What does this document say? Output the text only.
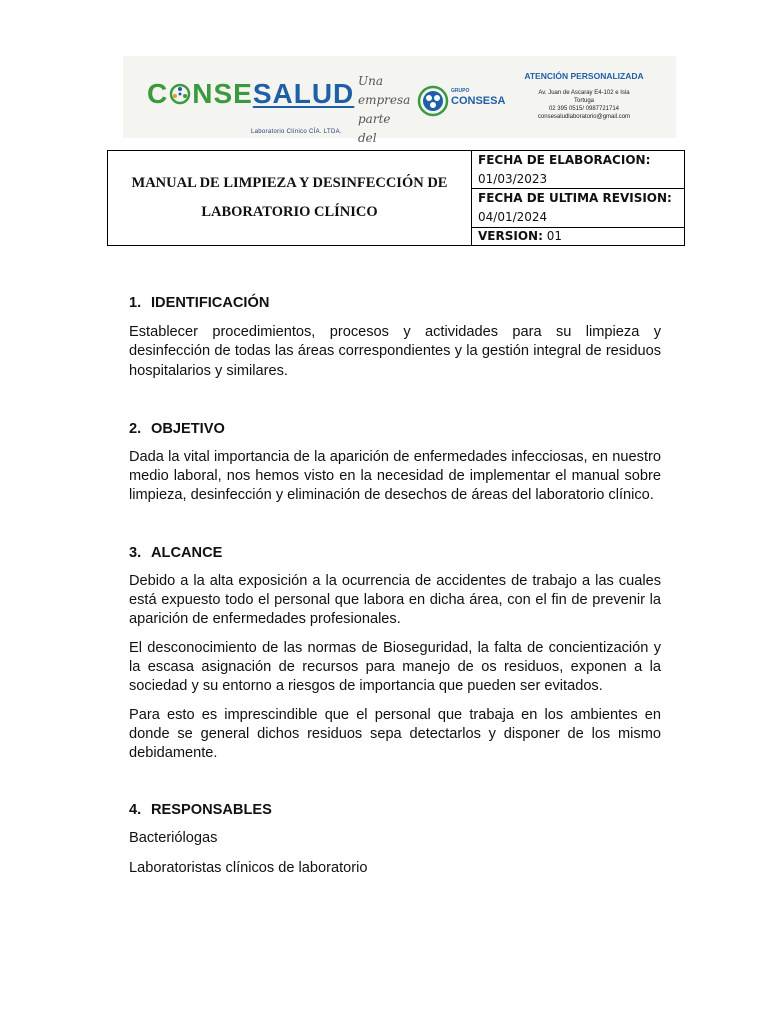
C NSESALUD
Laboratorio Clínico CÍA. LTDA.
Una
empresa
parte del
GRUPO
CONSESA
ATENCIÓN PERSONALIZADA
Av. Juan de Ascaray E4-102 e Isla
Tortuga
02 395 0515/ 0987721714
consesaludlaboratorio@gmail.com
MANUAL DE LIMPIEZA Y DESINFECCIÓN DE
LABORATORIO CLÍNICO
FECHA DE ELABORACION:
01/03/2023
FECHA DE ULTIMA REVISION:
04/01/2024
VERSION: 01
1. IDENTIFICACIÓN

Establecer procedimientos, procesos y actividades para su limpieza y desinfección de todas las áreas correspondientes y la gestión integral de residuos hospitalarios y similares.

2. OBJETIVO

Dada la vital importancia de la aparición de enfermedades infecciosas, en nuestro medio laboral, nos hemos visto en la necesidad de implementar el manual sobre limpieza, desinfección y eliminación de desechos de áreas del laboratorio clínico.

3. ALCANCE

Debido a la alta exposición a la ocurrencia de accidentes de trabajo a las cuales está expuesto todo el personal que labora en dicha área, con el fin de prevenir la aparición de enfermedades profesionales.

El desconocimiento de las normas de Bioseguridad, la falta de concientización y la escasa asignación de recursos para manejo de os residuos, exponen a la sociedad y su entorno a riesgos de importancia que pueden ser evitados.

Para esto es imprescindible que el personal que trabaja en los ambientes en donde se general dichos residuos sepa detectarlos y disponer de los mismo debidamente.

4. RESPONSABLES

Bacteriólogas

Laboratoristas clínicos de laboratorio
